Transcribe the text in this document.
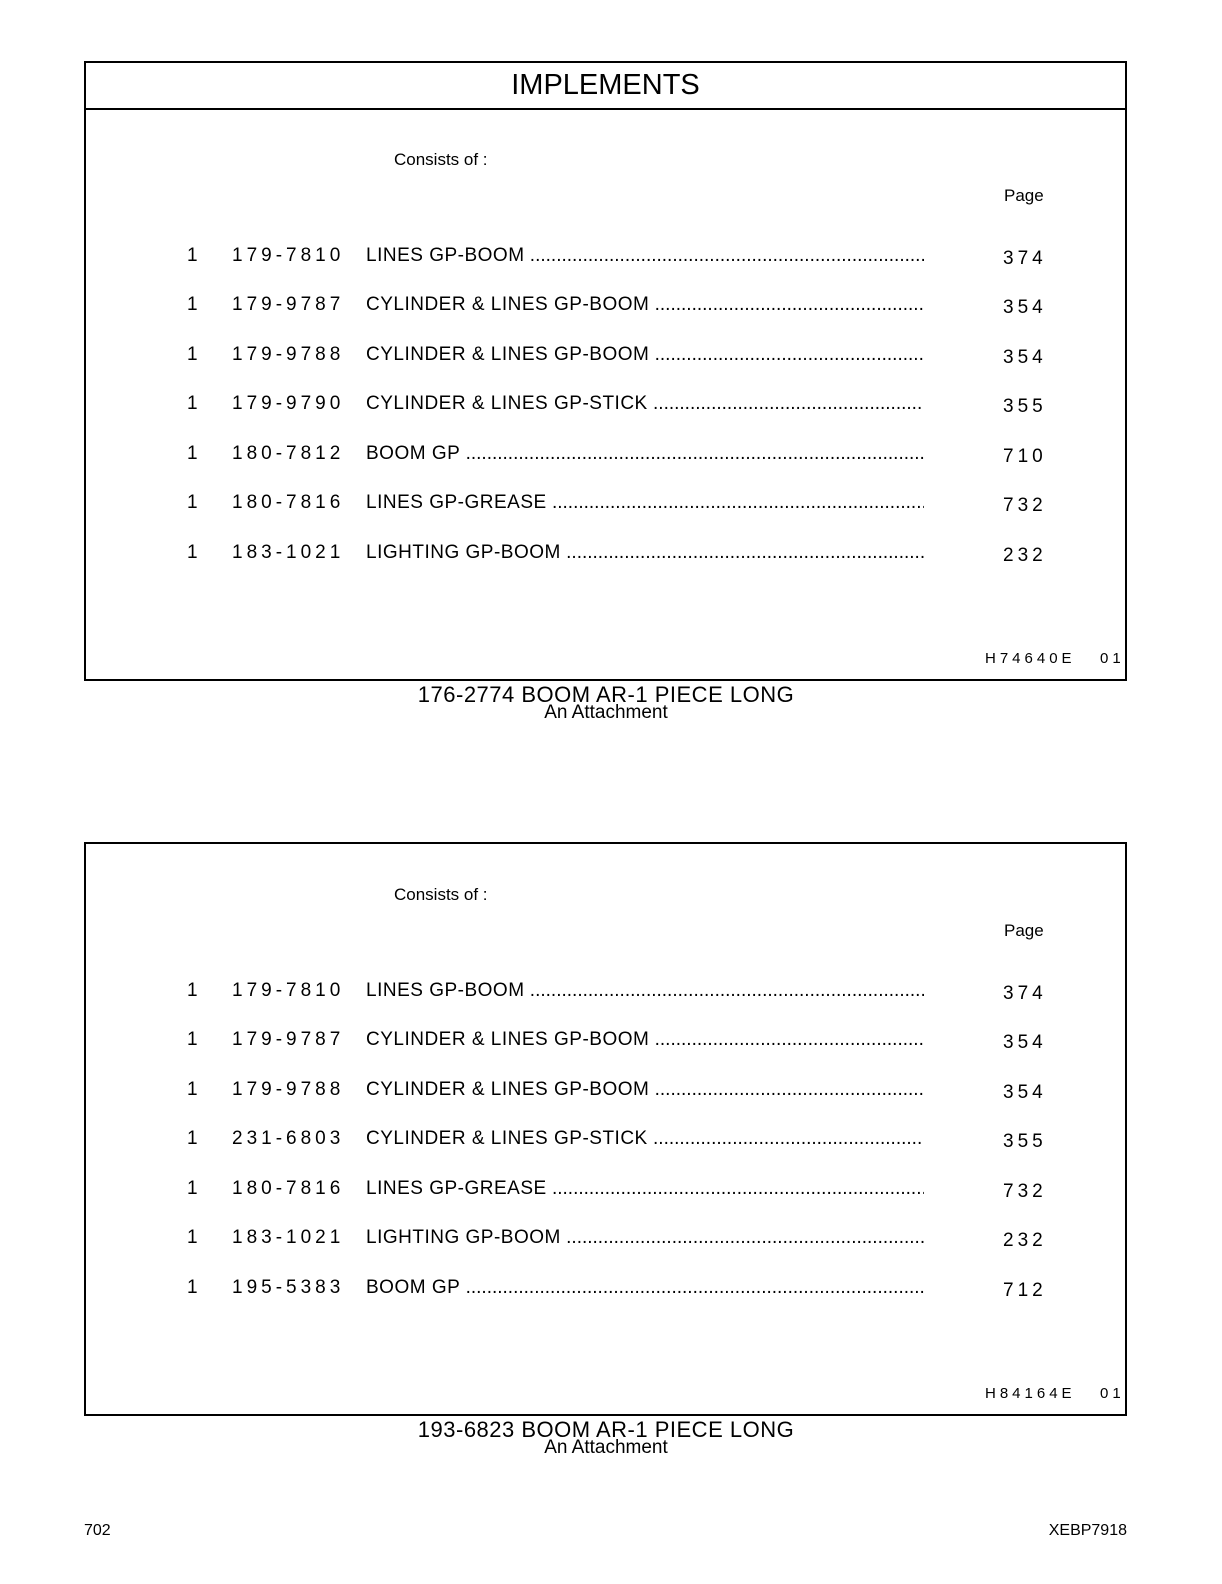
IMPLEMENTS
Consists of :
Page
1 179-7810 LINES GP-BOOM .....	374
1 179-9787 CYLINDER & LINES GP-BOOM .....	354
1 179-9788 CYLINDER & LINES GP-BOOM .....	354
1 179-9790 CYLINDER & LINES GP-STICK .....	355
1 180-7812 BOOM GP .....	710
1 180-7816 LINES GP-GREASE .....	732
1 183-1021 LIGHTING GP-BOOM .....	232
H74640E   01
176-2774 BOOM AR-1 PIECE LONG
An Attachment
Consists of :
Page
1 179-7810 LINES GP-BOOM .....	374
1 179-9787 CYLINDER & LINES GP-BOOM .....	354
1 179-9788 CYLINDER & LINES GP-BOOM .....	354
1 231-6803 CYLINDER & LINES GP-STICK .....	355
1 180-7816 LINES GP-GREASE .....	732
1 183-1021 LIGHTING GP-BOOM .....	232
1 195-5383 BOOM GP .....	712
H84164E   01
193-6823 BOOM AR-1 PIECE LONG
An Attachment
702	XEBP7918
